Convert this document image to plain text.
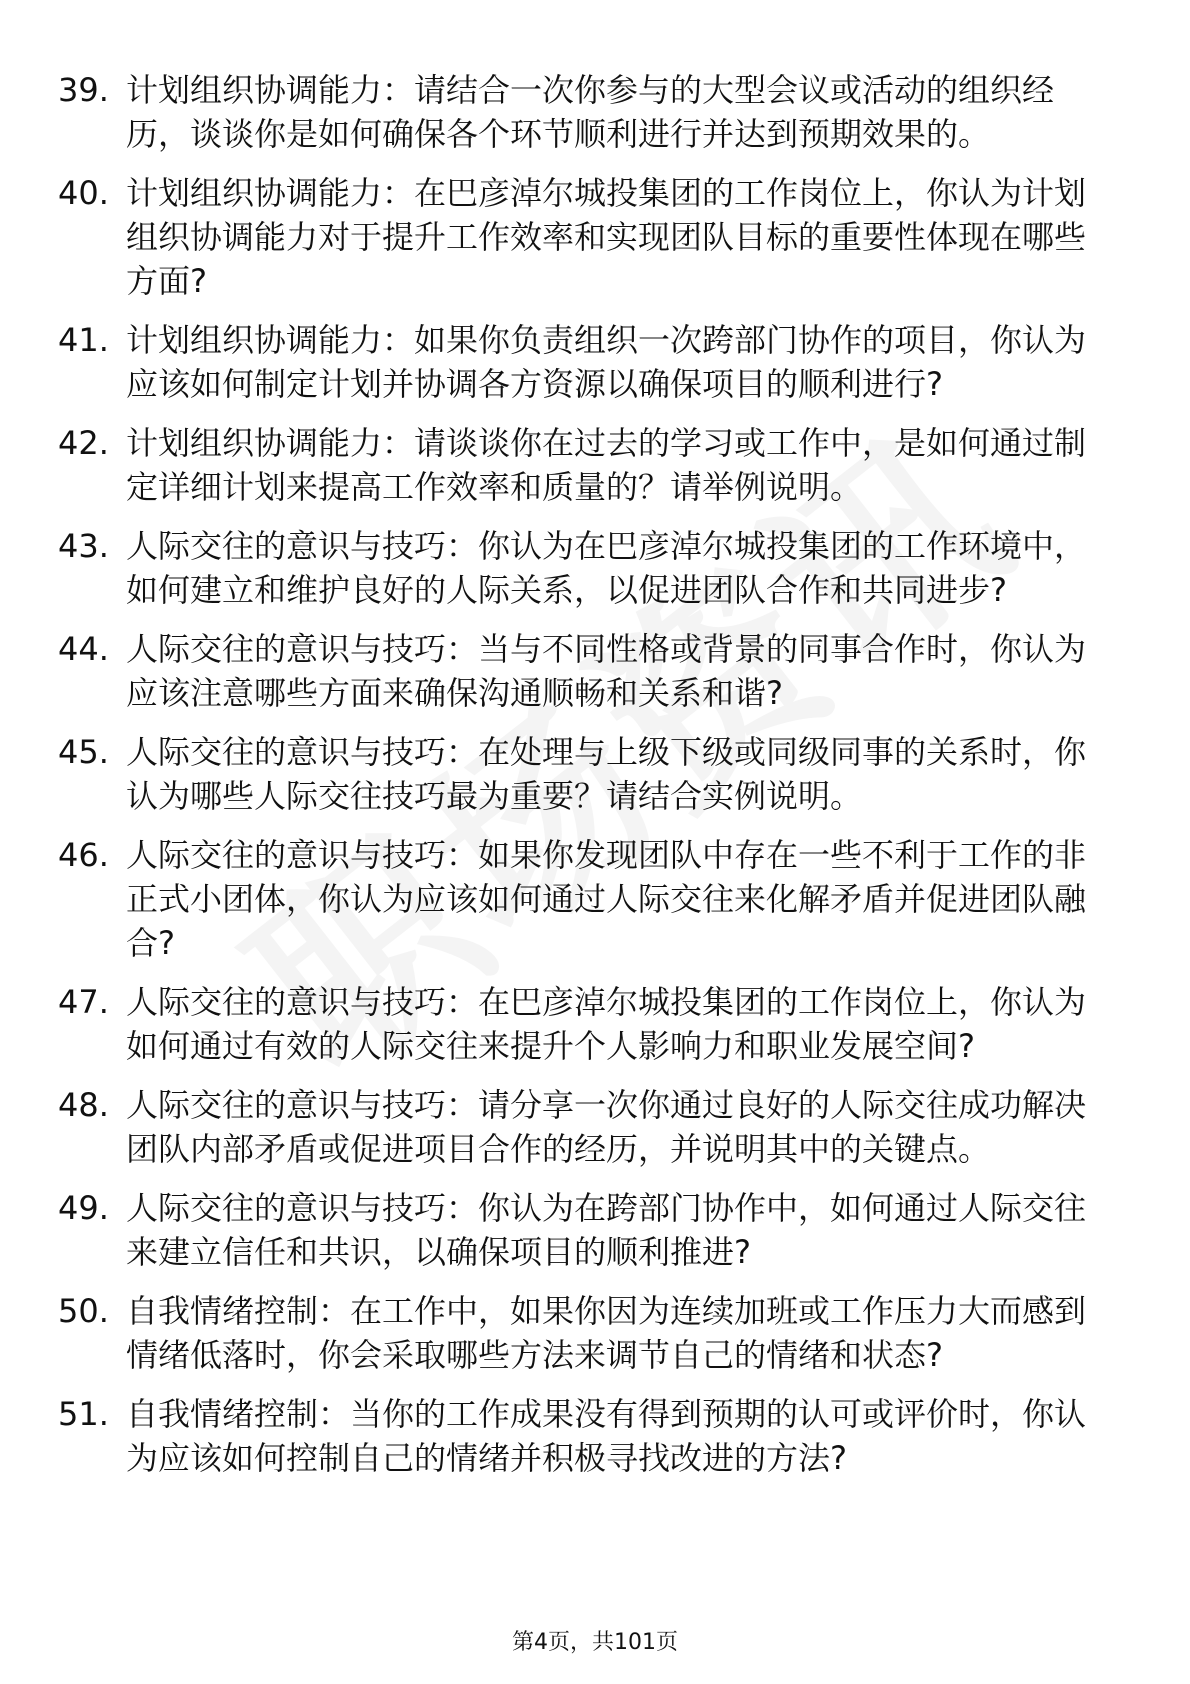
39. 计划组织协调能力：请结合一次你参与的大型会议或活动的组织经历，谈谈你是如何确保各个环节顺利进行并达到预期效果的。
40. 计划组织协调能力：在巴彦淖尔城投集团的工作岗位上，你认为计划组织协调能力对于提升工作效率和实现团队目标的重要性体现在哪些方面?
41. 计划组织协调能力：如果你负责组织一次跨部门协作的项目，你认为应该如何制定计划并协调各方资源以确保项目的顺利进行?
42. 计划组织协调能力：请谈谈你在过去的学习或工作中，是如何通过制定详细计划来提高工作效率和质量的？请举例说明。
43. 人际交往的意识与技巧：你认为在巴彦淖尔城投集团的工作环境中，如何建立和维护良好的人际关系，以促进团队合作和共同进步?
44. 人际交往的意识与技巧：当与不同性格或背景的同事合作时，你认为应该注意哪些方面来确保沟通顺畅和关系和谐?
45. 人际交往的意识与技巧：在处理与上级下级或同级同事的关系时，你认为哪些人际交往技巧最为重要？请结合实例说明。
46. 人际交往的意识与技巧：如果你发现团队中存在一些不利于工作的非正式小团体，你认为应该如何通过人际交往来化解矛盾并促进团队融合?
47. 人际交往的意识与技巧：在巴彦淖尔城投集团的工作岗位上，你认为如何通过有效的人际交往来提升个人影响力和职业发展空间?
48. 人际交往的意识与技巧：请分享一次你通过良好的人际交往成功解决团队内部矛盾或促进项目合作的经历，并说明其中的关键点。
49. 人际交往的意识与技巧：你认为在跨部门协作中，如何通过人际交往来建立信任和共识，以确保项目的顺利推进?
50. 自我情绪控制：在工作中，如果你因为连续加班或工作压力大而感到情绪低落时，你会采取哪些方法来调节自己的情绪和状态?
51. 自我情绪控制：当你的工作成果没有得到预期的认可或评价时，你认为应该如何控制自己的情绪并积极寻找改进的方法?
第4页，共101页
